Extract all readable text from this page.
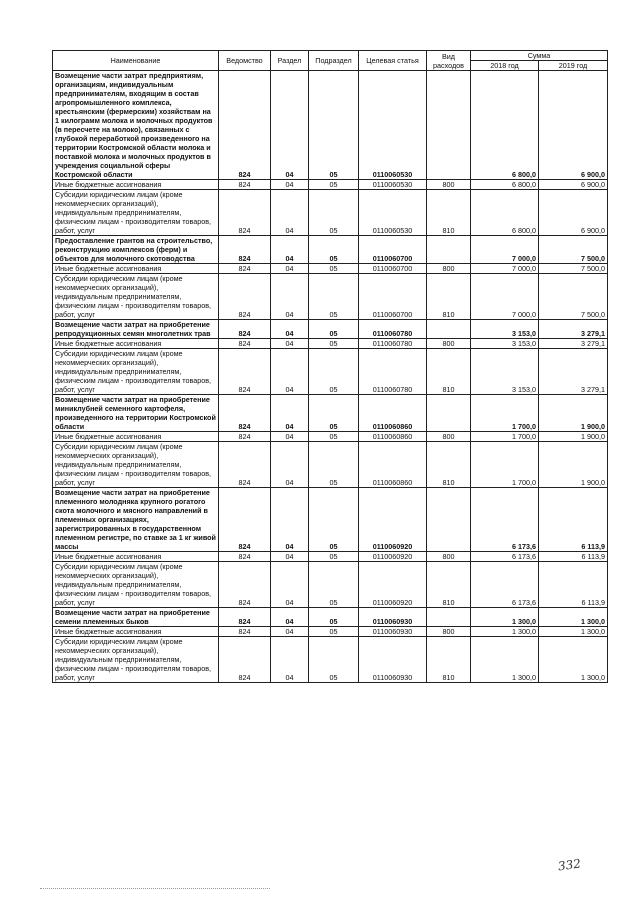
Наименование	Ведомство	Раздел	Подраздел	Целевая статья	Вид расходов	Сумма	
						2018 год	2019 год
Возмещение части затрат предприятиям, организациям, индивидуальным предпринимателям, входящим в состав агропромышленного комплекса, крестьянским (фермерским) хозяйствам на 1 килограмм молока и молочных продуктов (в пересчете на молоко), связанных с глубокой переработкой произведенного на территории Костромской области молока и поставкой молока и молочных продуктов в учреждения социальной сферы Костромской области	824	04	05	0110060530		6 800,0	6 900,0
Иные бюджетные ассигнования	824	04	05	0110060530	800	6 800,0	6 900,0
Субсидии юридическим лицам (кроме некоммерческих организаций), индивидуальным предпринимателям, физическим лицам - производителям товаров, работ, услуг	824	04	05	0110060530	810	6 800,0	6 900,0
Предоставление грантов на строительство, реконструкцию комплексов (ферм) и объектов для молочного скотоводства	824	04	05	0110060700		7 000,0	7 500,0
Иные бюджетные ассигнования	824	04	05	0110060700	800	7 000,0	7 500,0
Субсидии юридическим лицам (кроме некоммерческих организаций), индивидуальным предпринимателям, физическим лицам - производителям товаров, работ, услуг	824	04	05	0110060700	810	7 000,0	7 500,0
Возмещение части затрат на приобретение репродукционных семян многолетних трав	824	04	05	0110060780		3 153,0	3 279,1
Иные бюджетные ассигнования	824	04	05	0110060780	800	3 153,0	3 279,1
Субсидии юридическим лицам (кроме некоммерческих организаций), индивидуальным предпринимателям, физическим лицам - производителям товаров, работ, услуг	824	04	05	0110060780	810	3 153,0	3 279,1
Возмещение части затрат на приобретение миниклубней семенного картофеля, произведенного на территории Костромской области	824	04	05	0110060860		1 700,0	1 900,0
Иные бюджетные ассигнования	824	04	05	0110060860	800	1 700,0	1 900,0
Субсидии юридическим лицам (кроме некоммерческих организаций), индивидуальным предпринимателям, физическим лицам - производителям товаров, работ, услуг	824	04	05	0110060860	810	1 700,0	1 900,0
Возмещение части затрат на приобретение племенного молодняка крупного рогатого скота молочного и мясного направлений в племенных организациях, зарегистрированных в государственном племенном регистре, по ставке за 1 кг живой массы	824	04	05	0110060920		6 173,6	6 113,9
Иные бюджетные ассигнования	824	04	05	0110060920	800	6 173,6	6 113,9
Субсидии юридическим лицам (кроме некоммерческих организаций), индивидуальным предпринимателям, физическим лицам - производителям товаров, работ, услуг	824	04	05	0110060920	810	6 173,6	6 113,9
Возмещение части затрат на приобретение семени племенных быков	824	04	05	0110060930		1 300,0	1 300,0
Иные бюджетные ассигнования	824	04	05	0110060930	800	1 300,0	1 300,0
Субсидии юридическим лицам (кроме некоммерческих организаций), индивидуальным предпринимателям, физическим лицам - производителям товаров, работ, услуг	824	04	05	0110060930	810	1 300,0	1 300,0
332
